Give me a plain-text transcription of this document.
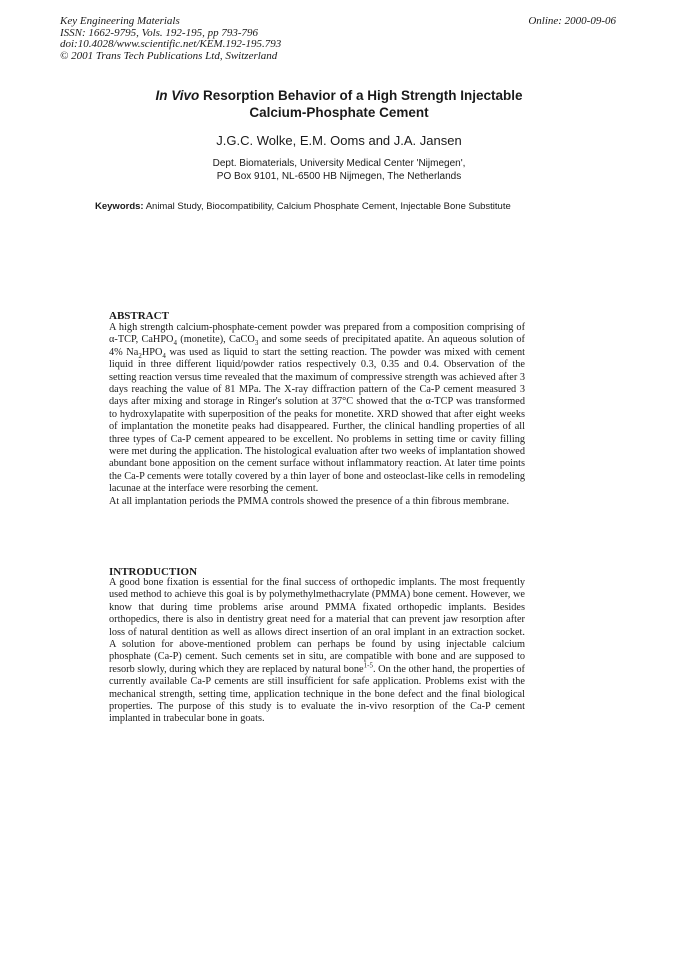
Key Engineering Materials
ISSN: 1662-9795, Vols. 192-195, pp 793-796
doi:10.4028/www.scientific.net/KEM.192-195.793
© 2001 Trans Tech Publications Ltd, Switzerland
Online: 2000-09-06
In Vivo Resorption Behavior of a High Strength Injectable
Calcium-Phosphate Cement
J.G.C. Wolke, E.M. Ooms and J.A. Jansen
Dept. Biomaterials, University Medical Center 'Nijmegen',
PO Box 9101, NL-6500 HB Nijmegen, The Netherlands
Keywords: Animal Study, Biocompatibility, Calcium Phosphate Cement, Injectable Bone Substitute
ABSTRACT

A high strength calcium-phosphate-cement powder was prepared from a composition comprising of α-TCP, CaHPO$_4$ (monetite), CaCO$_3$ and some seeds of precipitated apatite. An aqueous solution of 4% $Na_2HPO_4$ was used as liquid to start the setting reaction. The powder was mixed with cement liquid in three different liquid/powder ratios respectively 0.3, 0.35 and 0.4. Observation of the setting reaction versus time revealed that the maximum of compressive strength was achieved after 3 days reaching the value of 81 MPa. The X-ray diffraction pattern of the Ca-P cement measured 3 days after mixing and storage in Ringer's solution at 37°C showed that the α-TCP was transformed to hydroxylapatite with superposition of the peaks for monetite. XRD showed that after eight weeks of implantation the monetite peaks had disappeared. Further, the clinical handling properties of all three types of Ca-P cement appeared to be excellent. No problems in setting time or cavity filling were met during the application. The histological evaluation after two weeks of implantation showed abundant bone apposition on the cement surface without inflammatory reaction. At later time points the Ca-P cements were totally covered by a thin layer of bone and osteoclast-like cells in remodeling lacunae at the interface were resorbing the cement.

At all implantation periods the PMMA controls showed the presence of a thin fibrous membrane.

INTRODUCTION

A good bone fixation is essential for the final success of orthopedic implants. The most frequently used method to achieve this goal is by polymethylmethacrylate (PMMA) bone cement. However, we know that during time problems arise around PMMA fixated orthopedic implants. Besides orthopedics, there is also in dentistry great need for a material that can prevent jaw resorption after loss of natural dentition as well as allows direct insertion of an oral implant in an extraction socket. A solution for above-mentioned problem can perhaps be found by using injectable calcium phosphate (Ca-P) cement. Such cements set in situ, are compatible with bone and are supposed to resorb slowly, during which they are replaced by natural bone$^{1-5}$. On the other hand, the properties of currently available Ca-P cements are still insufficient for safe application. Problems exist with the mechanical strength, setting time, application technique in the bone defect and the final biological properties. The purpose of this study is to evaluate the in-vivo resorption of the Ca-P cement implanted in trabecular bone in goats.
